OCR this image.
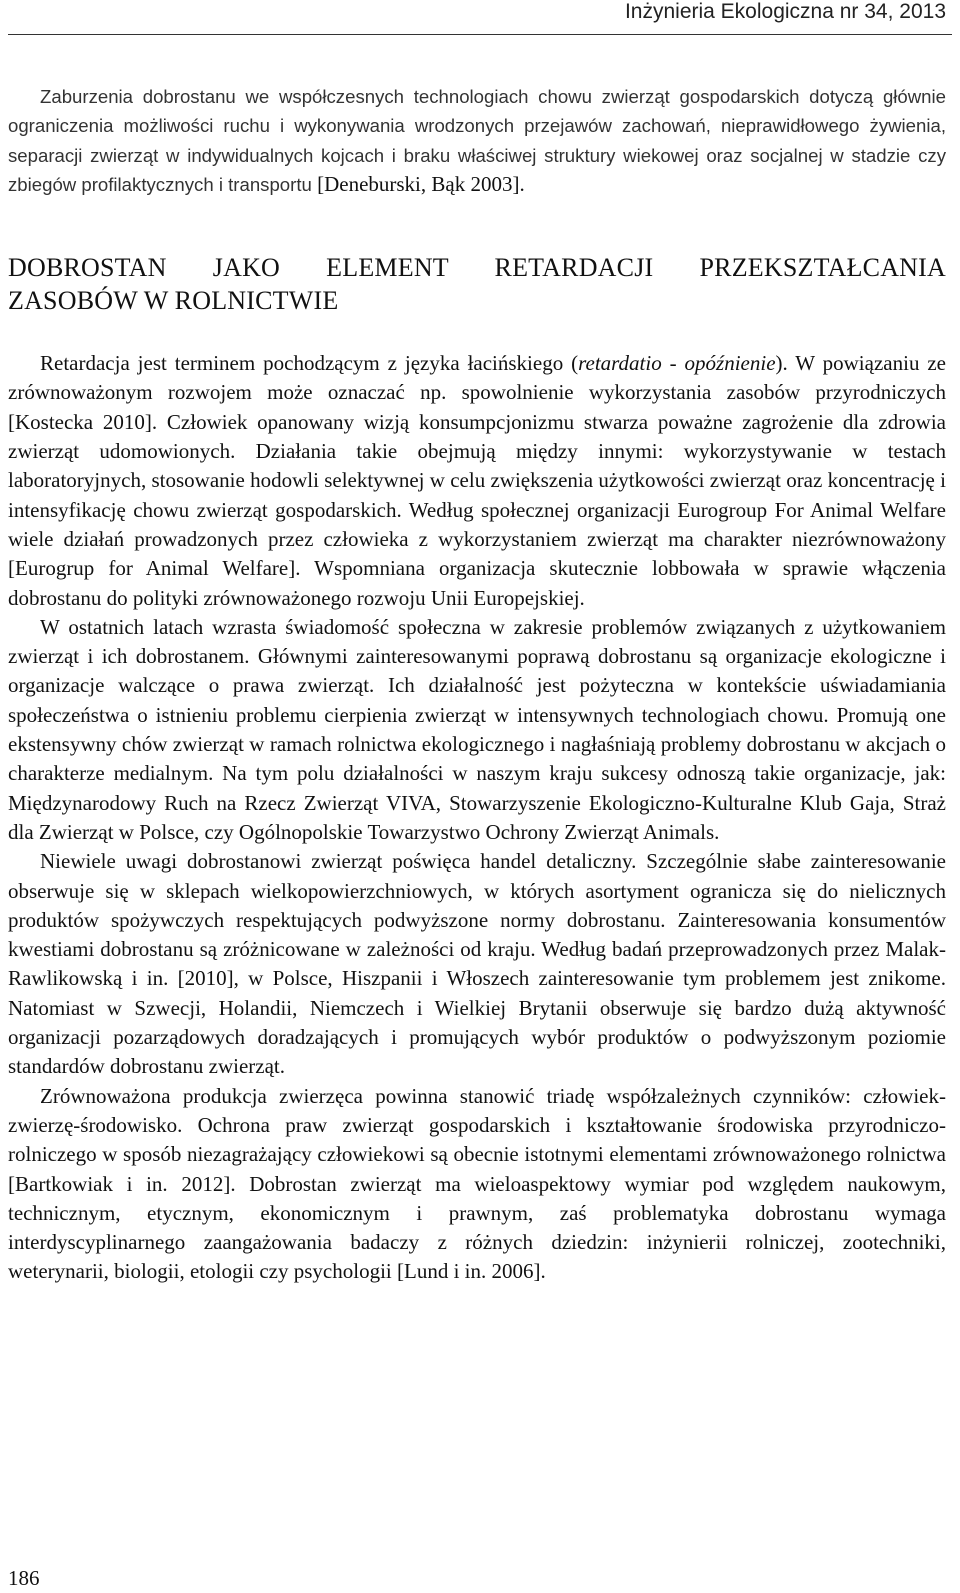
Inżynieria Ekologiczna nr 34, 2013

Zaburzenia dobrostanu we współczesnych technologiach chowu zwierząt gospodarskich dotyczą głównie ograniczenia możliwości ruchu i wykonywania wrodzonych przejawów zachowań, nieprawidłowego żywienia, separacji zwierząt w indywidualnych kojcach i braku właściwej struktury wiekowej oraz socjalnej w stadzie czy zbiegów profilaktycznych i transportu [Deneburski, Bąk 2003].

DOBROSTAN JAKO ELEMENT RETARDACJI PRZEKSZTAŁCANIA
ZASOBÓW W ROLNICTWIE

Retardacja jest terminem pochodzącym z języka łacińskiego (retardatio - opóźnienie). W powiązaniu ze zrównoważonym rozwojem może oznaczać np. spowolnienie wykorzystania zasobów przyrodniczych [Kostecka 2010]. Człowiek opanowany wizją konsumpcjonizmu stwarza poważne zagrożenie dla zdrowia zwierząt udomowionych. Działania takie obejmują między innymi: wykorzystywanie w testach laboratoryjnych, stosowanie hodowli selektywnej w celu zwiększenia użytkowości zwierząt oraz koncentrację i intensyfikację chowu zwierząt gospodarskich. Według społecznej organizacji Eurogroup For Animal Welfare wiele działań prowadzonych przez człowieka z wykorzystaniem zwierząt ma charakter niezrównoważony [Eurogrup for Animal Welfare]. Wspomniana organizacja skutecznie lobbowała w sprawie włączenia dobrostanu do polityki zrównoważonego rozwoju Unii Europejskiej.

W ostatnich latach wzrasta świadomość społeczna w zakresie problemów związanych z użytkowaniem zwierząt i ich dobrostanem. Głównymi zainteresowanymi poprawą dobrostanu są organizacje ekologiczne i organizacje walczące o prawa zwierząt. Ich działalność jest pożyteczna w kontekście uświadamiania społeczeństwa o istnieniu problemu cierpienia zwierząt w intensywnych technologiach chowu. Promują one ekstensywny chów zwierząt w ramach rolnictwa ekologicznego i nagłaśniają problemy dobrostanu w akcjach o charakterze medialnym. Na tym polu działalności w naszym kraju sukcesy odnoszą takie organizacje, jak: Międzynarodowy Ruch na Rzecz Zwierząt VIVA, Stowarzyszenie Ekologiczno-Kulturalne Klub Gaja, Straż dla Zwierząt w Polsce, czy Ogólnopolskie Towarzystwo Ochrony Zwierząt Animals.

Niewiele uwagi dobrostanowi zwierząt poświęca handel detaliczny. Szczególnie słabe zainteresowanie obserwuje się w sklepach wielkopowierzchniowych, w których asortyment ogranicza się do nielicznych produktów spożywczych respektujących podwyższone normy dobrostanu. Zainteresowania konsumentów kwestiami dobrostanu są zróżnicowane w zależności od kraju. Według badań przeprowadzonych przez Malak-Rawlikowską i in. [2010], w Polsce, Hiszpanii i Włoszech zainteresowanie tym problemem jest znikome. Natomiast w Szwecji, Holandii, Niemczech i Wielkiej Brytanii obserwuje się bardzo dużą aktywność organizacji pozarządowych doradzających i promujących wybór produktów o podwyższonym poziomie standardów dobrostanu zwierząt.

Zrównoważona produkcja zwierzęca powinna stanowić triadę współzależnych czynników: człowiek-zwierzę-środowisko. Ochrona praw zwierząt gospodarskich i kształtowanie środowiska przyrodniczo-rolniczego w sposób niezagrażający człowiekowi są obecnie istotnymi elementami zrównoważonego rolnictwa [Bartkowiak i in. 2012]. Dobrostan zwierząt ma wieloaspektowy wymiar pod względem naukowym, technicznym, etycznym, ekonomicznym i prawnym, zaś problematyka dobrostanu wymaga interdyscyplinarnego zaangażowania badaczy z różnych dziedzin: inżynierii rolniczej, zootechniki, weterynarii, biologii, etologii czy psychologii [Lund i in. 2006].

186
